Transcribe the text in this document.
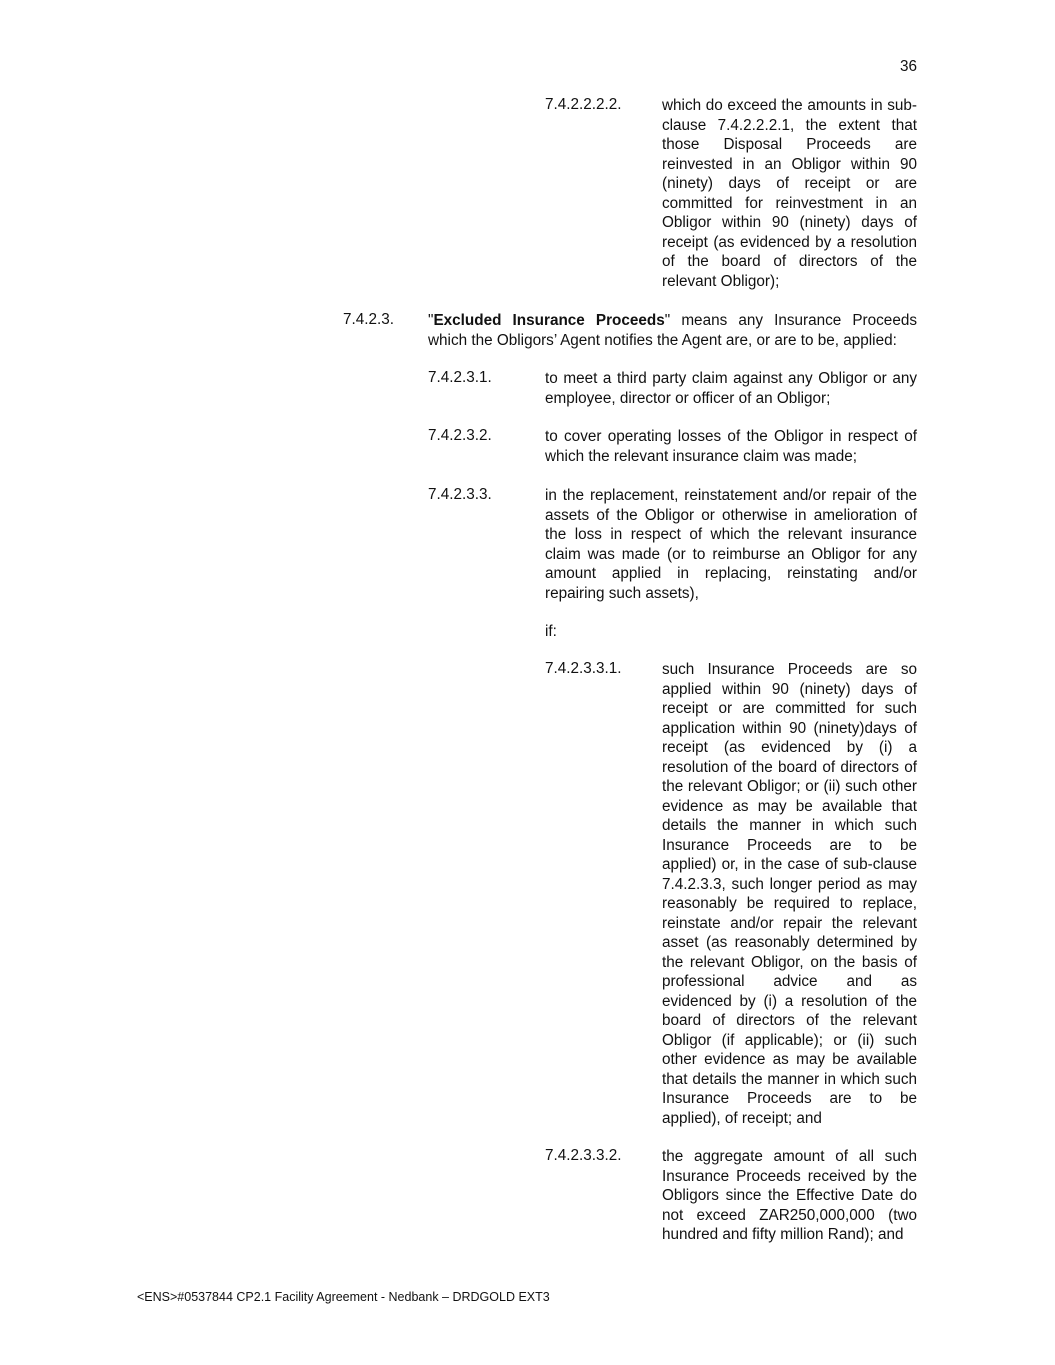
36
7.4.2.2.2.2.	which do exceed the amounts in sub-clause 7.4.2.2.2.1, the extent that those Disposal Proceeds are reinvested in an Obligor within 90 (ninety) days of receipt or are committed for reinvestment in an Obligor within 90 (ninety) days of receipt (as evidenced by a resolution of the board of directors of the relevant Obligor);
7.4.2.3. "Excluded Insurance Proceeds" means any Insurance Proceeds which the Obligors’ Agent notifies the Agent are, or are to be, applied:
7.4.2.3.1.	to meet a third party claim against any Obligor or any employee, director or officer of an Obligor;
7.4.2.3.2.	to cover operating losses of the Obligor in respect of which the relevant insurance claim was made;
7.4.2.3.3.	in the replacement, reinstatement and/or repair of the assets of the Obligor or otherwise in amelioration of the loss in respect of which the relevant insurance claim was made (or to reimburse an Obligor for any amount applied in replacing, reinstating and/or repairing such assets),
if:
7.4.2.3.3.1.	such Insurance Proceeds are so applied within 90 (ninety) days of receipt or are committed for such application within 90 (ninety)days of receipt (as evidenced by (i) a resolution of the board of directors of the relevant Obligor; or (ii) such other evidence as may be available that details the manner in which such Insurance Proceeds are to be applied) or, in the case of sub-clause 7.4.2.3.3, such longer period as may reasonably be required to replace, reinstate and/or repair the relevant asset (as reasonably determined by the relevant Obligor, on the basis of professional advice and as evidenced by (i) a resolution of the board of directors of the relevant Obligor (if applicable); or (ii) such other evidence as may be available that details the manner in which such Insurance Proceeds are to be applied), of receipt; and
7.4.2.3.3.2.	the aggregate amount of all such Insurance Proceeds received by the Obligors since the Effective Date do not exceed ZAR250,000,000 (two hundred and fifty million Rand); and
<ENS>#0537844 CP2.1 Facility Agreement - Nedbank – DRDGOLD EXT3
